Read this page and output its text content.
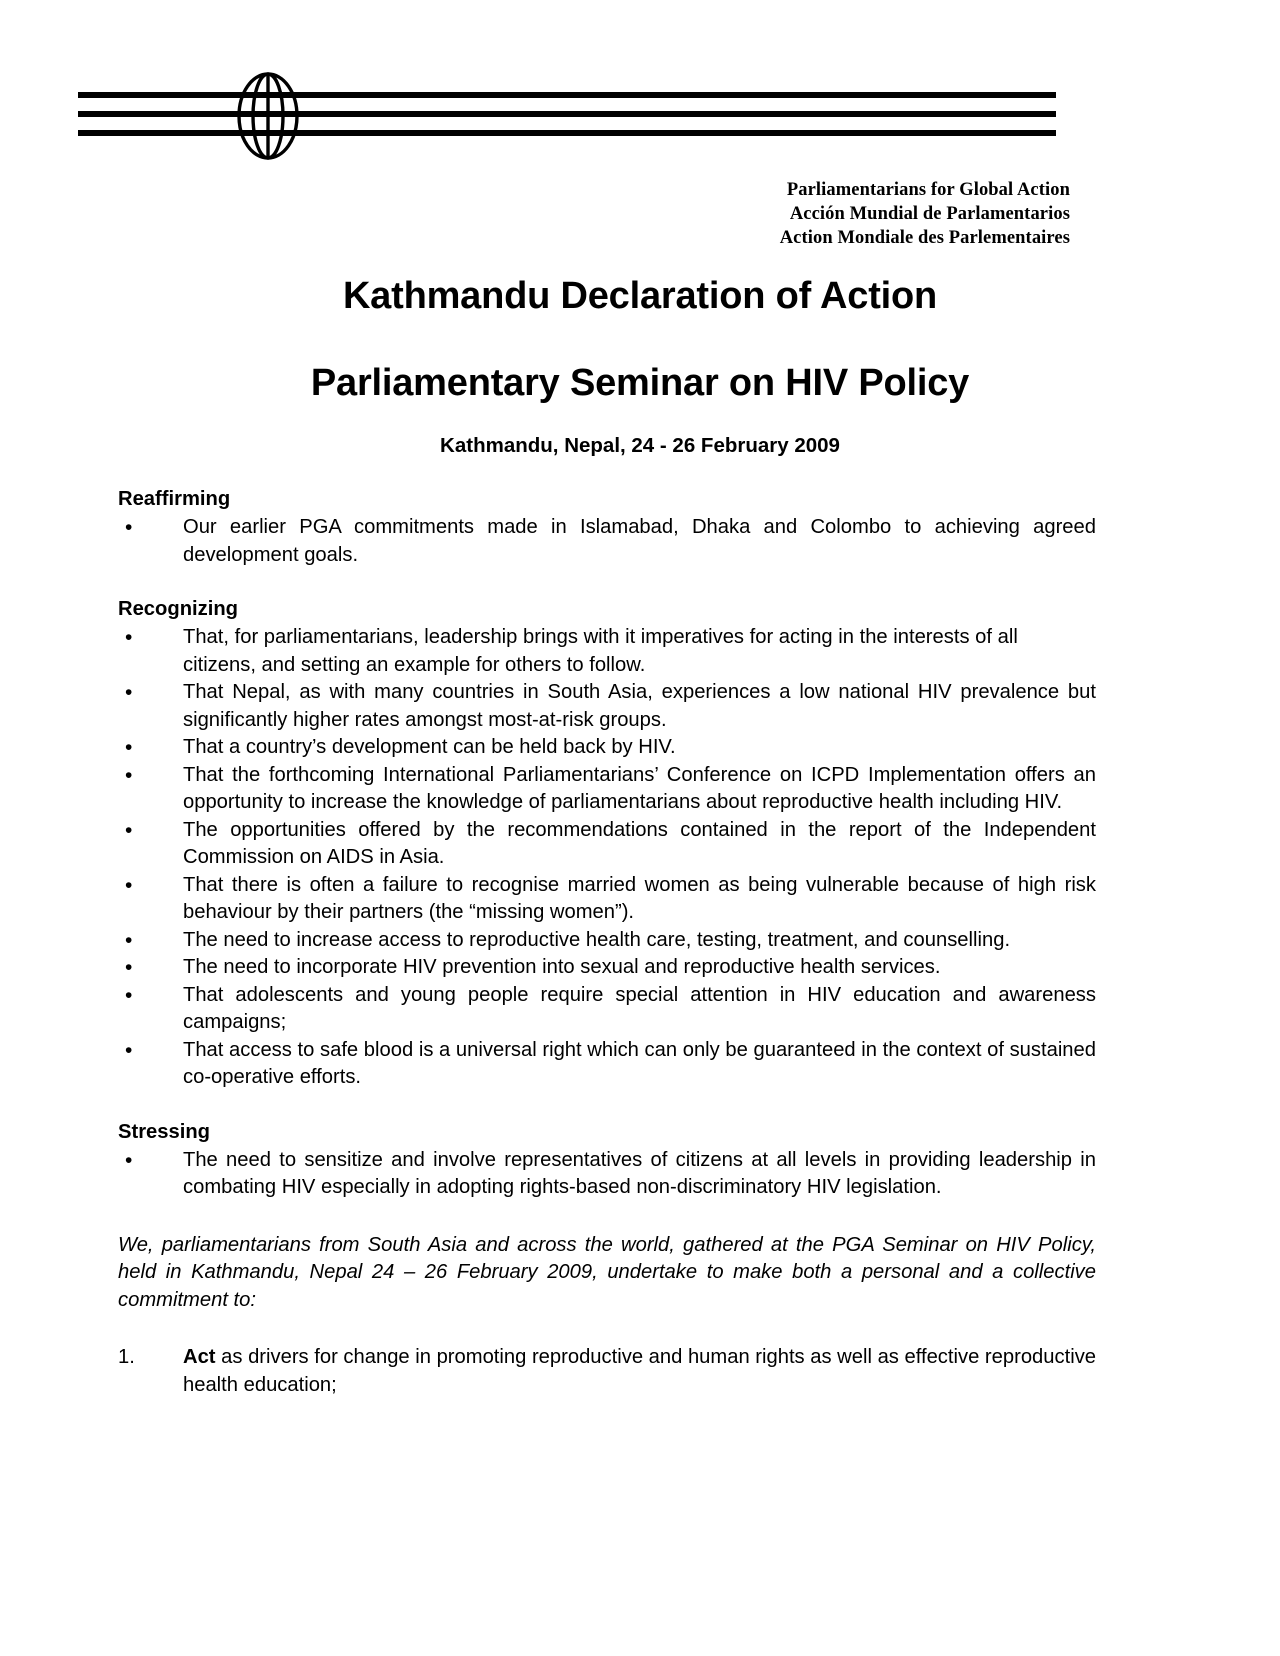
Parliamentarians for Global Action
Acción Mundial de Parlamentarios
Action Mondiale des Parlementaires
Kathmandu Declaration of Action
Parliamentary Seminar on HIV Policy
Kathmandu, Nepal, 24 - 26 February 2009
Reaffirming
•	Our earlier PGA commitments made in Islamabad, Dhaka and Colombo to achieving agreed development goals.
Recognizing
•	That, for parliamentarians, leadership brings with it imperatives for acting in the interests of all citizens, and setting an example for others to follow.
•	That Nepal, as with many countries in South Asia, experiences a low national HIV prevalence but significantly higher rates amongst most-at-risk groups.
•	That a country’s development can be held back by HIV.
•	That the forthcoming International Parliamentarians’ Conference on ICPD Implementation offers an opportunity to increase the knowledge of parliamentarians about reproductive health including HIV.
•	The opportunities offered by the recommendations contained in the report of the Independent Commission on AIDS in Asia.
•	That there is often a failure to recognise married women as being vulnerable because of high risk behaviour by their partners (the “missing women”).
•	The need to increase access to reproductive health care, testing, treatment, and counselling.
•	The need to incorporate HIV prevention into sexual and reproductive health services.
•	That adolescents and young people require special attention in HIV education and awareness campaigns;
•	That access to safe blood is a universal right which can only be guaranteed in the context of sustained co-operative efforts.
Stressing
•	The need to sensitize and involve representatives of citizens at all levels in providing leadership in combating HIV especially in adopting rights-based non-discriminatory HIV legislation.

We, parliamentarians from South Asia and across the world, gathered at the PGA Seminar on HIV Policy, held in Kathmandu, Nepal 24 – 26 February 2009, undertake to make both a personal and a collective commitment to:

1.	Act as drivers for change in promoting reproductive and human rights as well as effective reproductive health education;
